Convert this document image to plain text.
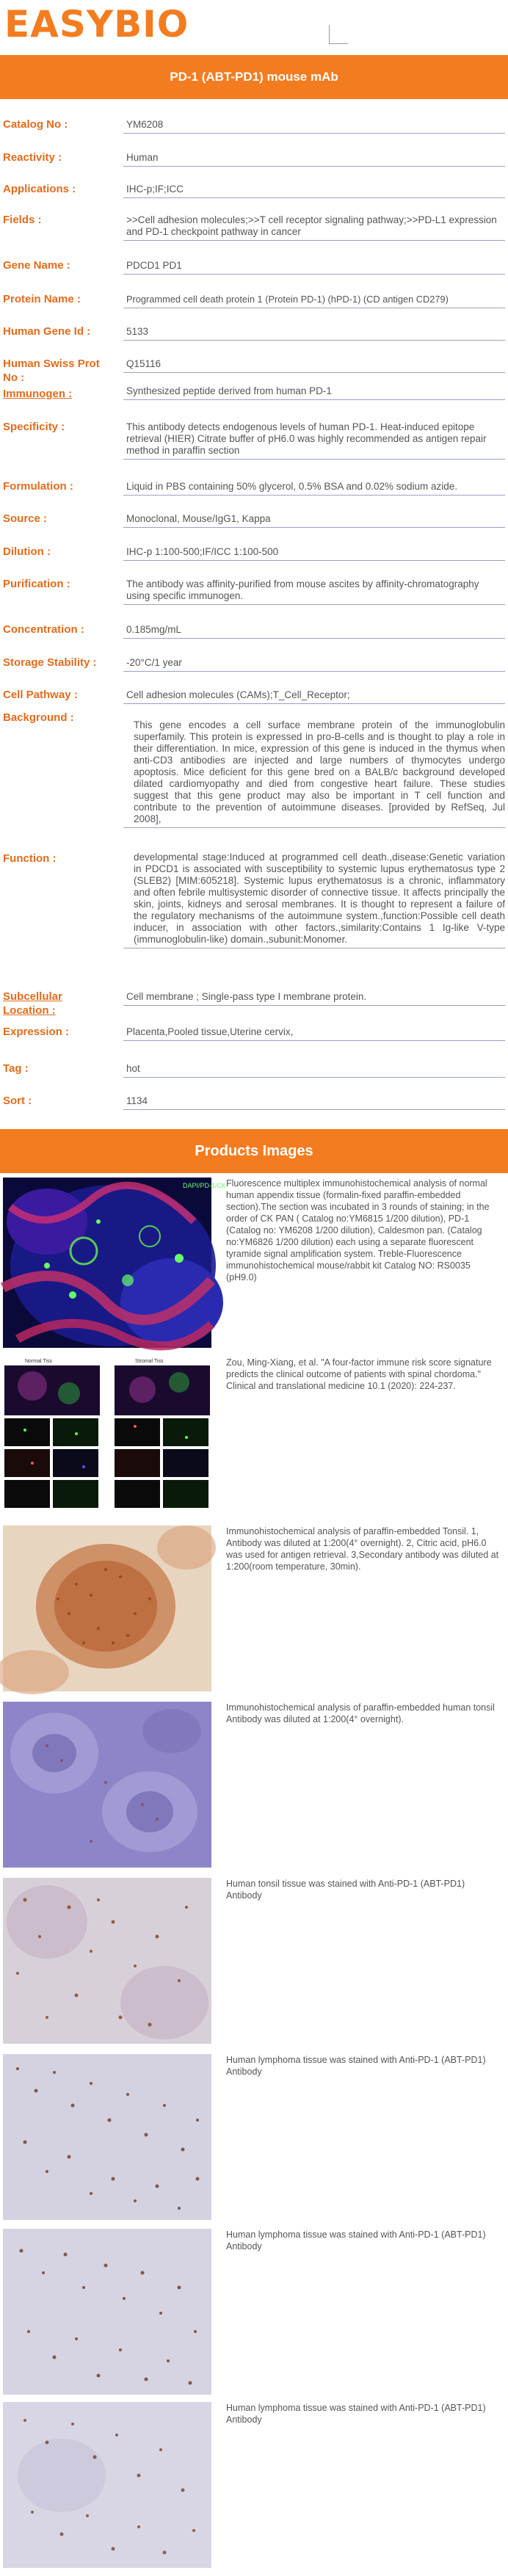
EASYBIO
PD-1 (ABT-PD1) mouse mAb
Catalog No :	YM6208
Reactivity :	Human
Applications :	IHC-p;IF;ICC
Fields :	>>Cell adhesion molecules;>>T cell receptor signaling pathway;>>PD-L1 expression and PD-1 checkpoint pathway in cancer
Gene Name :	PDCD1 PD1
Protein Name :	Programmed cell death protein 1 (Protein PD-1) (hPD-1) (CD antigen CD279)
Human Gene Id :	5133
Human Swiss Prot No :
Q15116
Immunogen :	Synthesized peptide derived from human PD-1
Specificity :	This antibody detects endogenous levels of human PD-1. Heat-induced epitope retrieval (HIER) Citrate buffer of pH6.0 was highly recommended as antigen repair method in paraffin section
Formulation :	Liquid in PBS containing 50% glycerol, 0.5% BSA and 0.02% sodium azide.
Source :	Monoclonal, Mouse/IgG1, Kappa
Dilution :	IHC-p 1:100-500;IF/ICC 1:100-500
Purification :	The antibody was affinity-purified from mouse ascites by affinity-chromatography using specific immunogen.
Concentration :	0.185mg/mL
Storage Stability :	-20°C/1 year
Cell Pathway :	Cell adhesion molecules (CAMs);T_Cell_Receptor;
Background :
This gene encodes a cell surface membrane protein of the immunoglobulin superfamily. This protein is expressed in pro-B-cells and is thought to play a role in their differentiation. In mice, expression of this gene is induced in the thymus when anti-CD3 antibodies are injected and large numbers of thymocytes undergo apoptosis. Mice deficient for this gene bred on a BALB/c background developed dilated cardiomyopathy and died from congestive heart failure. These studies suggest that this gene product may also be important in T cell function and contribute to the prevention of autoimmune diseases. [provided by RefSeq, Jul 2008],
Function :	developmental stage:Induced at programmed cell death.,disease:Genetic variation in PDCD1 is associated with susceptibility to systemic lupus erythematosus type 2 (SLEB2) [MIM:605218]. Systemic lupus erythematosus is a chronic, inflammatory and often febrile multisystemic disorder of connective tissue. It affects principally the skin, joints, kidneys and serosal membranes. It is thought to represent a failure of the regulatory mechanisms of the autoimmune system.,function:Possible cell death inducer, in association with other factors.,similarity:Contains 1 Ig-like V-type (immunoglobulin-like) domain.,subunit:Monomer.
Subcellular Location :
Cell membrane ; Single-pass type I membrane protein.
Expression :	Placenta,Pooled tissue,Uterine cervix,
Tag :	hot
Sort :	1134
Products Images
DAPI/PD-1/CK Fluorescence multiplex immunohistochemical analysis of normal human appendix tissue (formalin-fixed paraffin-embedded section).The section was incubated in 3 rounds of staining; in the order of CK PAN ( Catalog no:YM6815 1/200 dilution), PD-1 (Catalog no: YM6208 1/200 dilution), Caldesmon pan. (Catalog no:YM6826 1/200 dilution) each using a separate fluorescent tyramide signal amplification system. Treble-Fluorescence immunohistochemical mouse/rabbit kit Catalog NO: RS0035 (pH9.0)
Normal Tiss	Stromal Tiss	Zou, Ming-Xiang, et al. "A four-factor immune risk score signature predicts the clinical outcome of patients with spinal chordoma." Clinical and translational medicine 10.1 (2020): 224-237.
Immunohistochemical analysis of paraffin-embedded Tonsil. 1, Antibody was diluted at 1:200(4° overnight). 2, Citric acid, pH6.0 was used for antigen retrieval. 3,Secondary antibody was diluted at 1:200(room temperature, 30min).
Immunohistochemical analysis of paraffin-embedded human tonsil Antibody was diluted at 1:200(4° overnight).
Human tonsil tissue was stained with Anti-PD-1 (ABT-PD1) Antibody
Human lymphoma tissue was stained with Anti-PD-1 (ABT-PD1) Antibody
Human lymphoma tissue was stained with Anti-PD-1 (ABT-PD1) Antibody
Human lymphoma tissue was stained with Anti-PD-1 (ABT-PD1) Antibody
